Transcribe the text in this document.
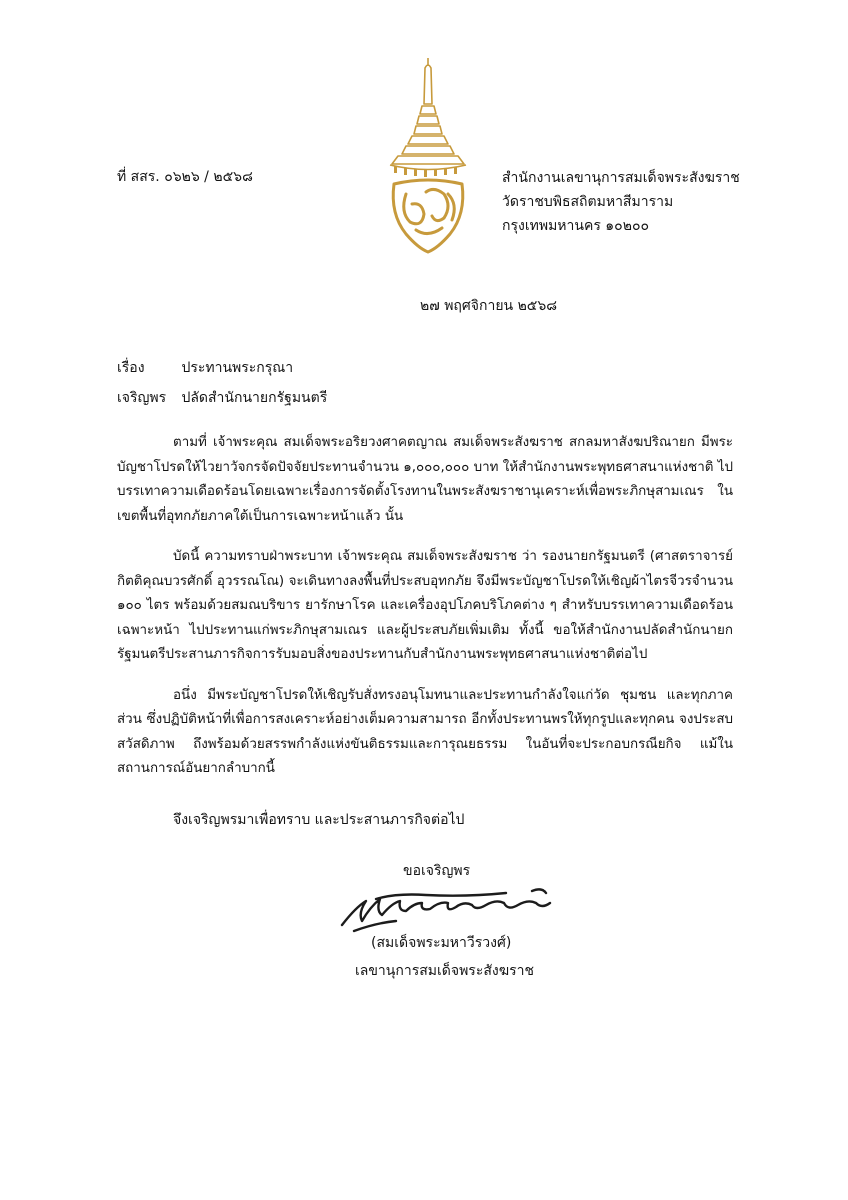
ที่ สสร. ๐๖๒๖ / ๒๕๖๘	สำนักงานเลขานุการสมเด็จพระสังฆราช
วัดราชบพิธสถิตมหาสีมาราม
กรุงเทพมหานคร ๑๐๒๐๐
๒๗ พฤศจิกายน ๒๕๖๘
เรื่อง	ประทานพระกรุณา
เจริญพร ปลัดสำนักนายกรัฐมนตรี

ตามที่ เจ้าพระคุณ สมเด็จพระอริยวงศาคตญาณ สมเด็จพระสังฆราช สกลมหาสังฆปริณายก มีพระบัญชาโปรดให้ไวยาวัจกรจัดปัจจัยประทานจำนวน ๑,๐๐๐,๐๐๐ บาท ให้สำนักงานพระพุทธศาสนาแห่งชาติ ไปบรรเทาความเดือดร้อนโดยเฉพาะเรื่องการจัดตั้งโรงทานในพระสังฆราชานุเคราะห์เพื่อพระภิกษุสามเณร ในเขตพื้นที่อุทกภัยภาคใต้เป็นการเฉพาะหน้าแล้ว นั้น

บัดนี้ ความทราบฝ่าพระบาท เจ้าพระคุณ สมเด็จพระสังฆราช ว่า รองนายกรัฐมนตรี (ศาสตราจารย์กิตติคุณบวรศักดิ์ อุวรรณโณ) จะเดินทางลงพื้นที่ประสบอุทกภัย จึงมีพระบัญชาโปรดให้เชิญผ้าไตรจีวรจำนวน ๑๐๐ ไตร พร้อมด้วยสมณบริขาร ยารักษาโรค และเครื่องอุปโภคบริโภคต่าง ๆ สำหรับบรรเทาความเดือดร้อนเฉพาะหน้า ไปประทานแก่พระภิกษุสามเณร และผู้ประสบภัยเพิ่มเติม ทั้งนี้ ขอให้สำนักงานปลัดสำนักนายกรัฐมนตรีประสานภารกิจการรับมอบสิ่งของประทานกับสำนักงานพระพุทธศาสนาแห่งชาติต่อไป

อนึ่ง มีพระบัญชาโปรดให้เชิญรับสั่งทรงอนุโมทนาและประทานกำลังใจแก่วัด ชุมชน และทุกภาคส่วน ซึ่งปฏิบัติหน้าที่เพื่อการสงเคราะห์อย่างเต็มความสามารถ อีกทั้งประทานพรให้ทุกรูปและทุกคน จงประสบสวัสดิภาพ ถึงพร้อมด้วยสรรพกำลังแห่งขันติธรรมและการุณยธรรม ในอันที่จะประกอบกรณียกิจ แม้ในสถานการณ์อันยากลำบากนี้

จึงเจริญพรมาเพื่อทราบ และประสานภารกิจต่อไป
ขอเจริญพร
(สมเด็จพระมหาวีรวงศ์)
เลขานุการสมเด็จพระสังฆราช
